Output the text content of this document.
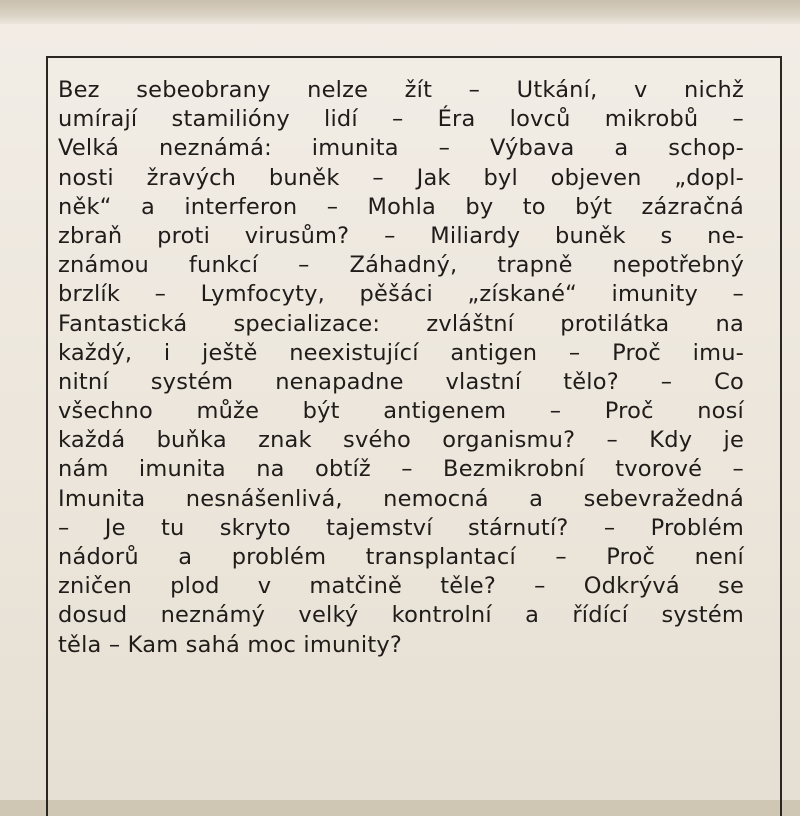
Bez sebeobrany nelze žít – Utkání, v nichž
umírají stamilióny lidí – Éra lovců mikrobů –
Velká neznámá: imunita – Výbava a schop-
nosti žravých buněk – Jak byl objeven „dopl-
něk“ a interferon – Mohla by to být zázračná
zbraň proti virusům? – Miliardy buněk s ne-
známou funkcí – Záhadný, trapně nepotřebný
brzlík – Lymfocyty, pěšáci „získané“ imunity –
Fantastická specializace: zvláštní protilátka na
každý, i ještě neexistující antigen – Proč imu-
nitní systém nenapadne vlastní tělo? – Co
všechno může být antigenem – Proč nosí
každá buňka znak svého organismu? – Kdy je
nám imunita na obtíž – Bezmikrobní tvorové –
Imunita nesnášenlivá, nemocná a sebevražedná
– Je tu skryto tajemství stárnutí? – Problém
nádorů a problém transplantací – Proč není
zničen plod v matčině těle? – Odkrývá se
dosud neznámý velký kontrolní a řídící systém
těla – Kam sahá moc imunity?
